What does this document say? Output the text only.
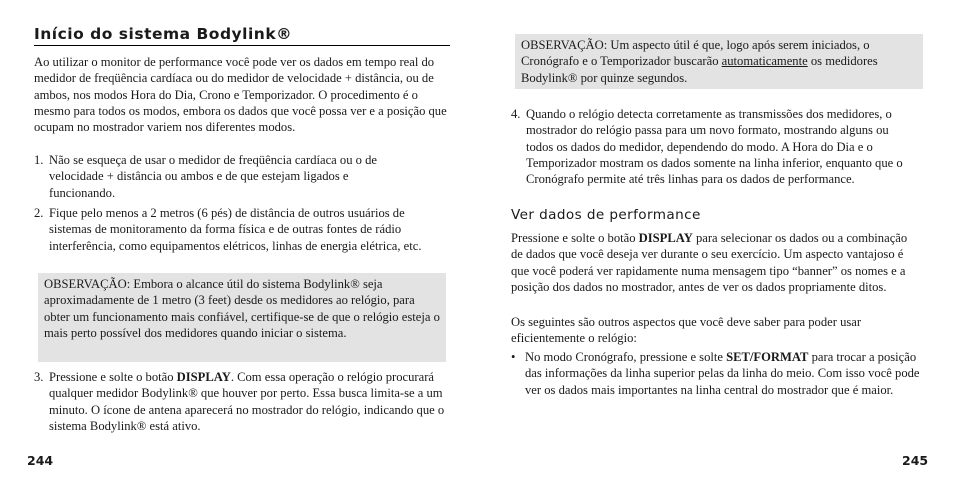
Início do sistema Bodylink®

Ao utilizar o monitor de performance você pode ver os dados em tempo real do medidor de freqüência cardíaca ou do medidor de velocidade + distância, ou de ambos, nos modos Hora do Dia, Crono e Temporizador. O procedimento é o mesmo para todos os modos, embora os dados que você possa ver e a posição que ocupam no mostrador variem nos diferentes modos.

1. Não se esqueça de usar o medidor de freqüência cardíaca ou o de velocidade + distância ou ambos e de que estejam ligados e funcionando.
2. Fique pelo menos a 2 metros (6 pés) de distância de outros usuários de sistemas de monitoramento da forma física e de outras fontes de rádio interferência, como equipamentos elétricos, linhas de energia elétrica, etc.
OBSERVAÇÃO: Embora o alcance útil do sistema Bodylink® seja aproximadamente de 1 metro (3 feet) desde os medidores ao relógio, para obter um funcionamento mais confiável, certifique-se de que o relógio esteja o mais perto possível dos medidores quando iniciar o sistema.
3. Pressione e solte o botão DISPLAY. Com essa operação o relógio procurará qualquer medidor Bodylink® que houver por perto. Essa busca limita-se a um minuto. O ícone de antena aparecerá no mostrador do relógio, indicando que o sistema Bodylink® está ativo.
244
OBSERVAÇÃO: Um aspecto útil é que, logo após serem iniciados, o Cronógrafo e o Temporizador buscarão automaticamente os medidores Bodylink® por quinze segundos.
4. Quando o relógio detecta corretamente as transmissões dos medidores, o mostrador do relógio passa para um novo formato, mostrando alguns ou todos os dados do medidor, dependendo do modo. A Hora do Dia e o Temporizador mostram os dados somente na linha inferior, enquanto que o Cronógrafo permite até três linhas para os dados de performance.
Ver dados de performance

Pressione e solte o botão DISPLAY para selecionar os dados ou a combinação de dados que você deseja ver durante o seu exercício. Um aspecto vantajoso é que você poderá ver rapidamente numa mensagem tipo “banner” os nomes e a posição dos dados no mostrador, antes de ver os dados propriamente ditos.

Os seguintes são outros aspectos que você deve saber para poder usar eficientemente o relógio:

• No modo Cronógrafo, pressione e solte SET/FORMAT para trocar a posição das informações da linha superior pelas da linha do meio. Com isso você pode ver os dados mais importantes na linha central do mostrador que é maior.
245
